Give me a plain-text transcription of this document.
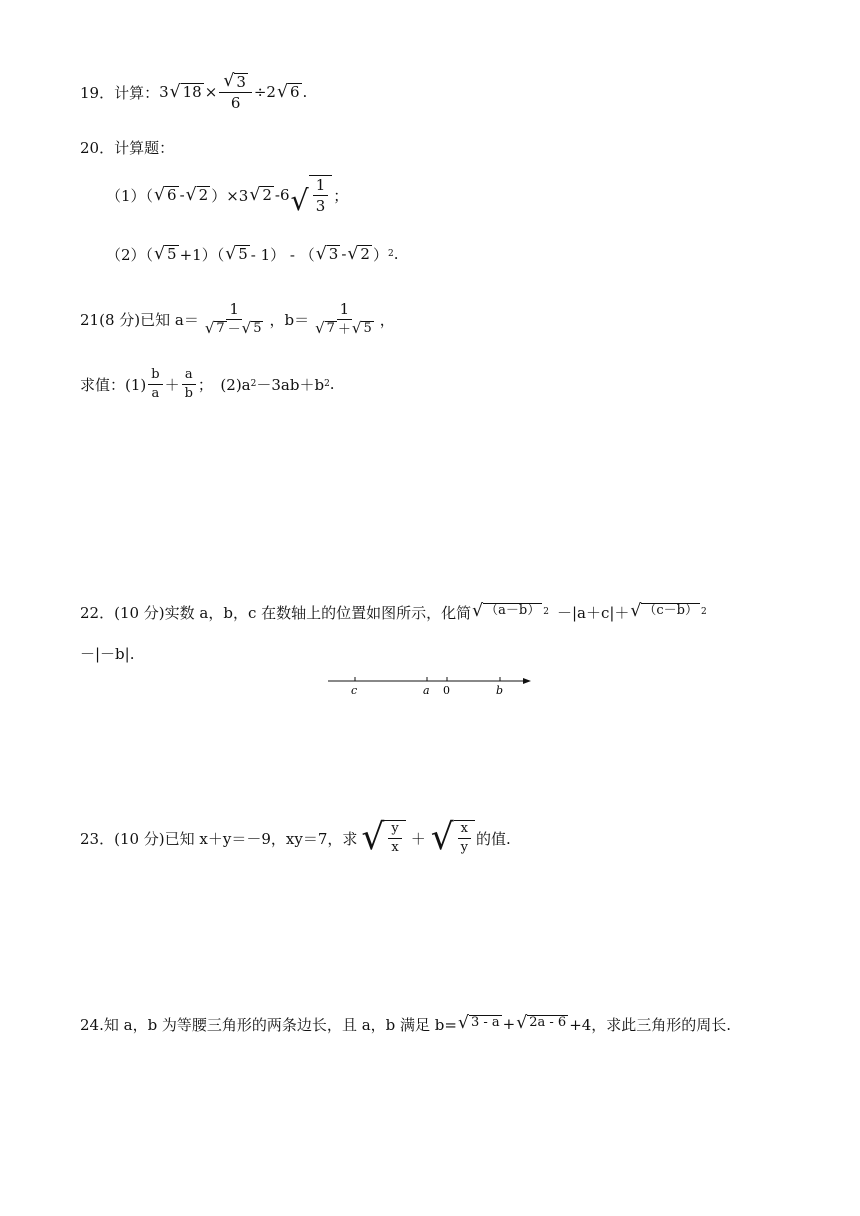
19．计算： 3 √ $18 \times \frac{√ 3}{6} \div 2$ √ 6 .
20．计算题：
（1）（ √ 6 - √ 2 ）×3 √ 2 -6 √ $\frac{1}{3}$ ；
（2）（ √ 5 +1）（ √ 5 - 1） - （ √ 3 - √ 2 ） 2 .
21(8 分)已知 $a= \frac{1}{√ 7 - √ 5}$ ，$b= \frac{1}{√ 7 + √ 5}$ ，
求值：$(1) \frac{b}{a} + \frac{a}{b}$ ；　(2)a 2 －3ab＋b 2 .
22．(10 分)实数 a，b，c 在数轴上的位置如图所示，化简 √ （a－b） 2 －|a＋c|＋ √ （c－b） 2
－|－b|.
c	a 0	b
23．(10 分)已知 x＋y＝－9，xy＝7，求 √ $\frac{y}{x}$ ＋ √ $\frac{x}{y}$ 的值.
24.知 a，b 为等腰三角形的两条边长，且 a，b 满足 b= √ 3 - a + √ 2a - 6 +4，求此三角形的周长.
